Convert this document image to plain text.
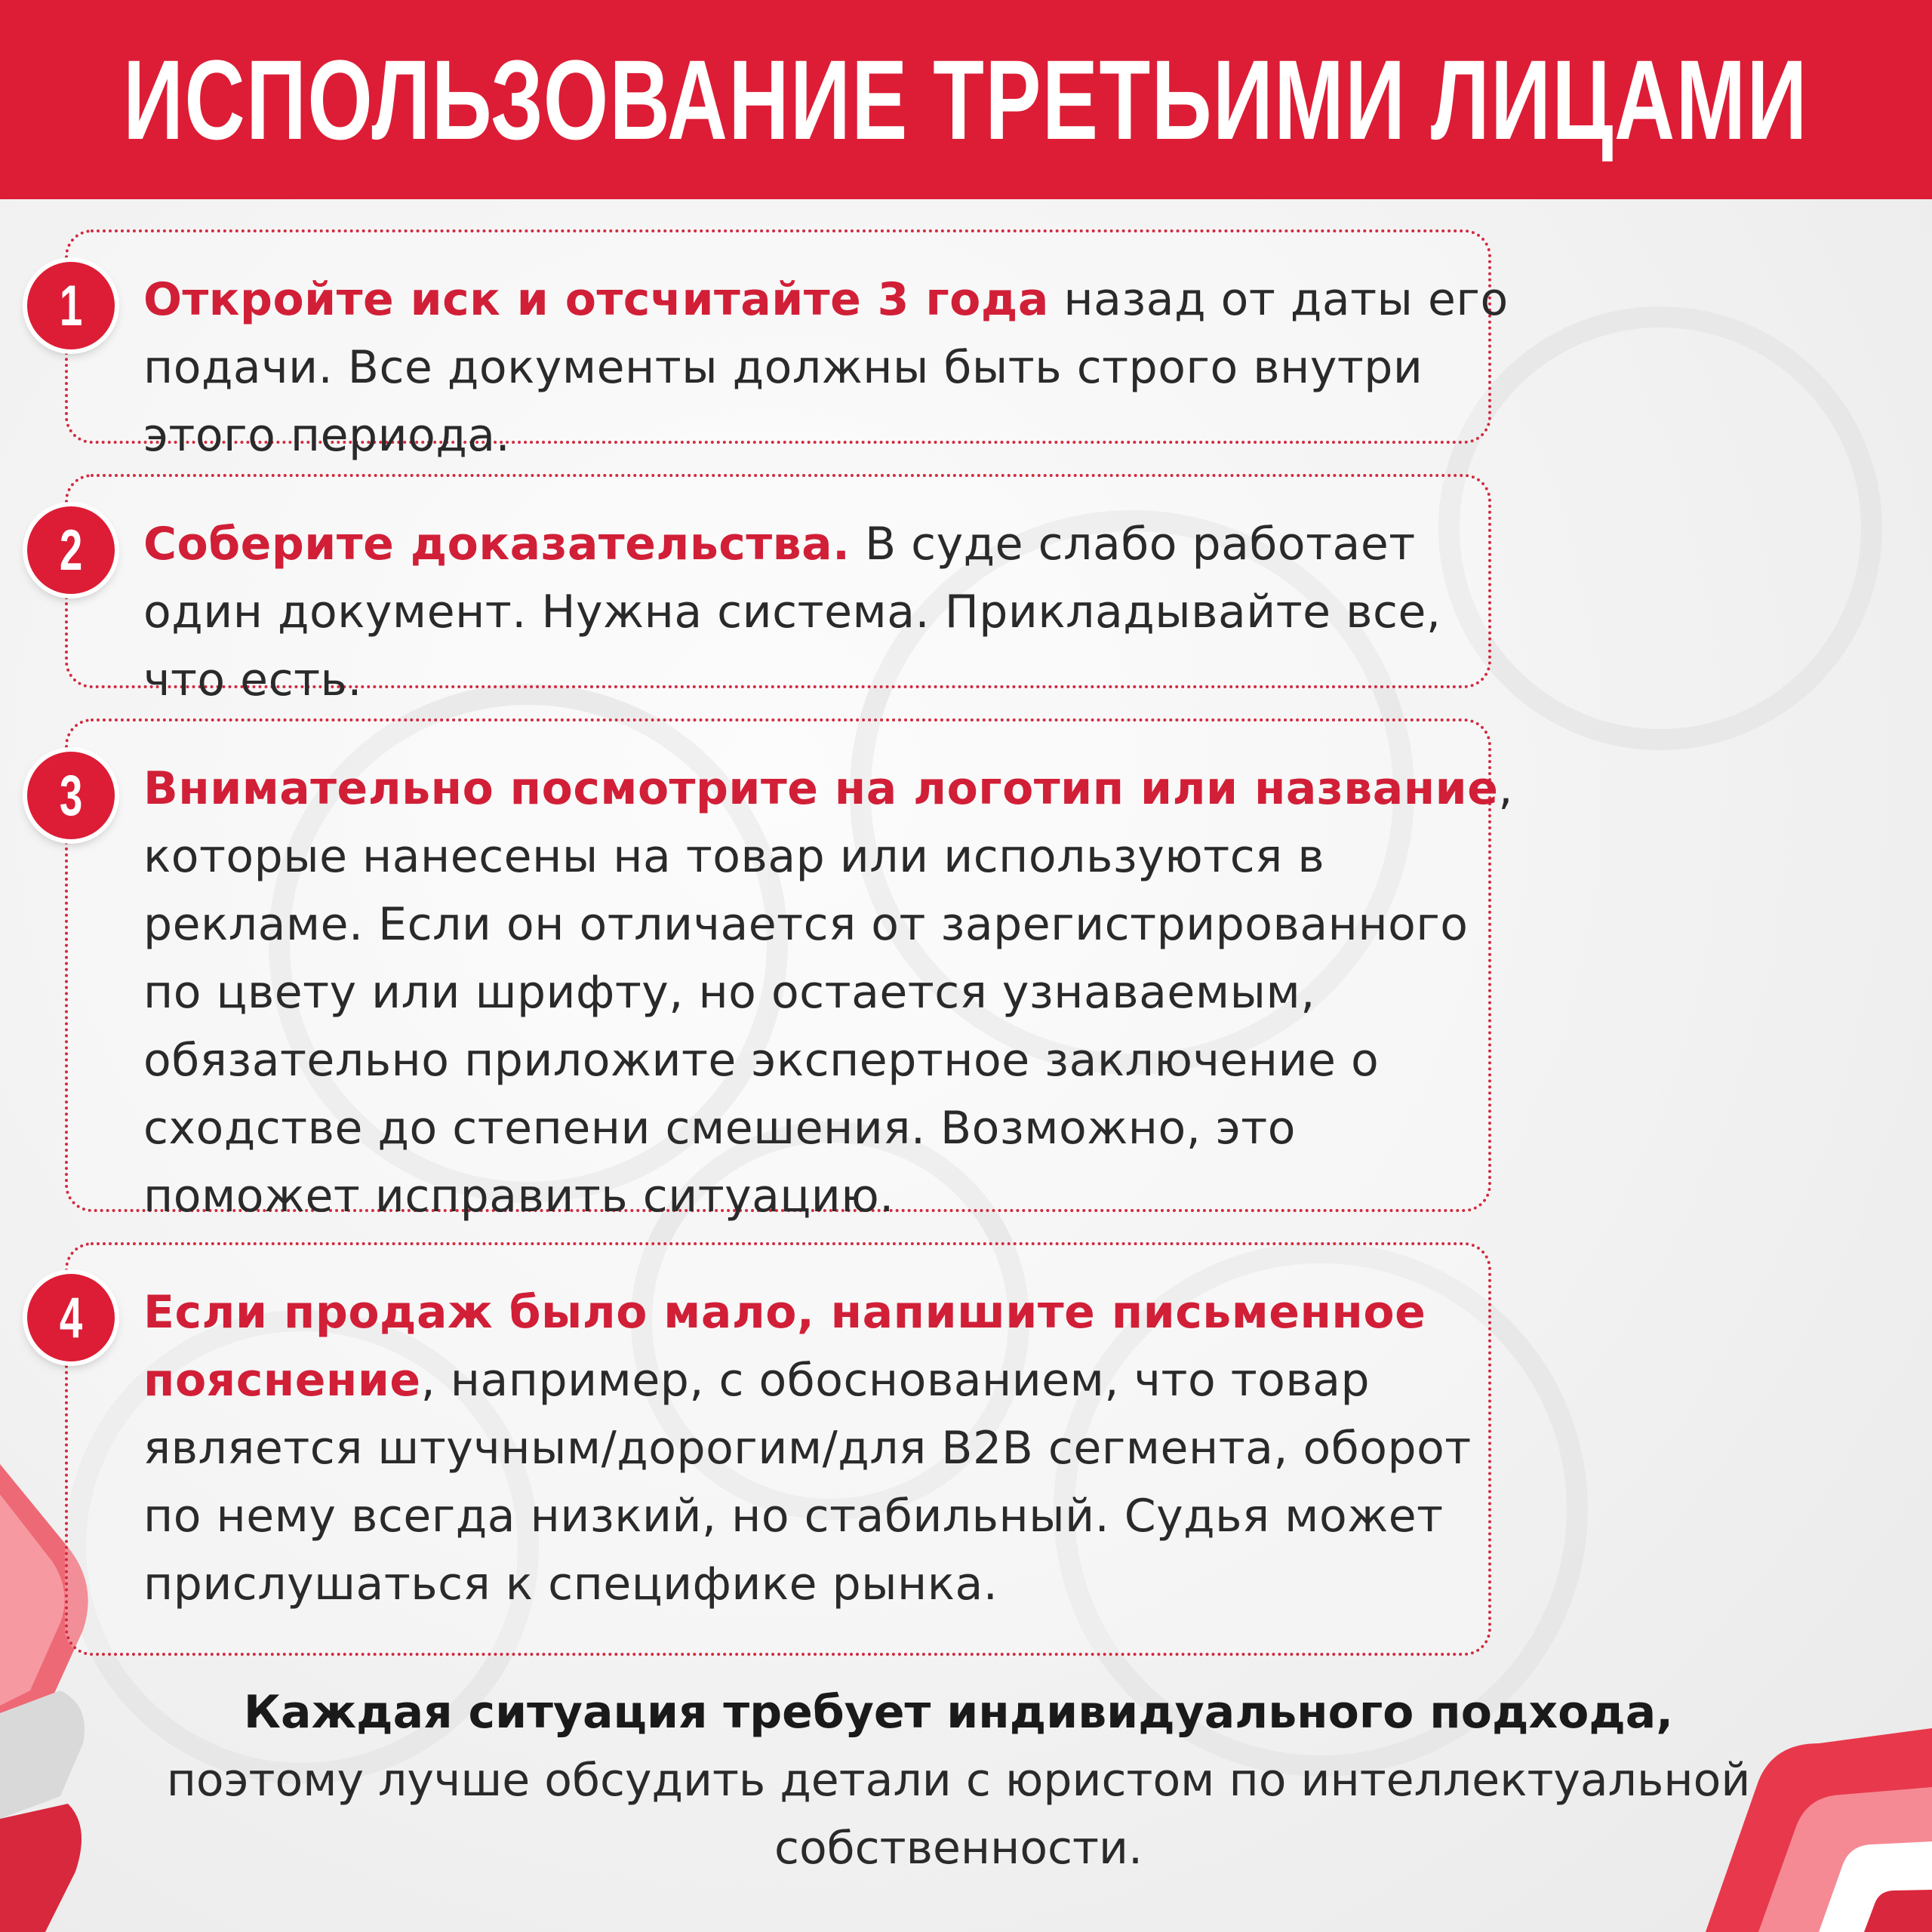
ИСПОЛЬЗОВАНИЕ ТРЕТЬИМИ ЛИЦАМИ
Откройте иск и отсчитайте 3 года назад от даты его подачи. Все документы должны быть строго внутри этого периода.
1
Соберите доказательства. В суде слабо работает один документ. Нужна система. Прикладывайте все, что есть.
2
Внимательно посмотрите на логотип или название, которые нанесены на товар или используются в рекламе. Если он отличается от зарегистрированного по цвету или шрифту, но остается узнаваемым, обязательно приложите экспертное заключение о сходстве до степени смешения. Возможно, это поможет исправить ситуацию.
3
Если продаж было мало, напишите письменное пояснение, например, с обоснованием, что товар является штучным/дорогим/для B2B сегмента, оборот по нему всегда низкий, но стабильный. Судья может прислушаться к специфике рынка.
4
Каждая ситуация требует индивидуального подхода,
поэтому лучше обсудить детали с юристом по интеллектуальной собственности.
